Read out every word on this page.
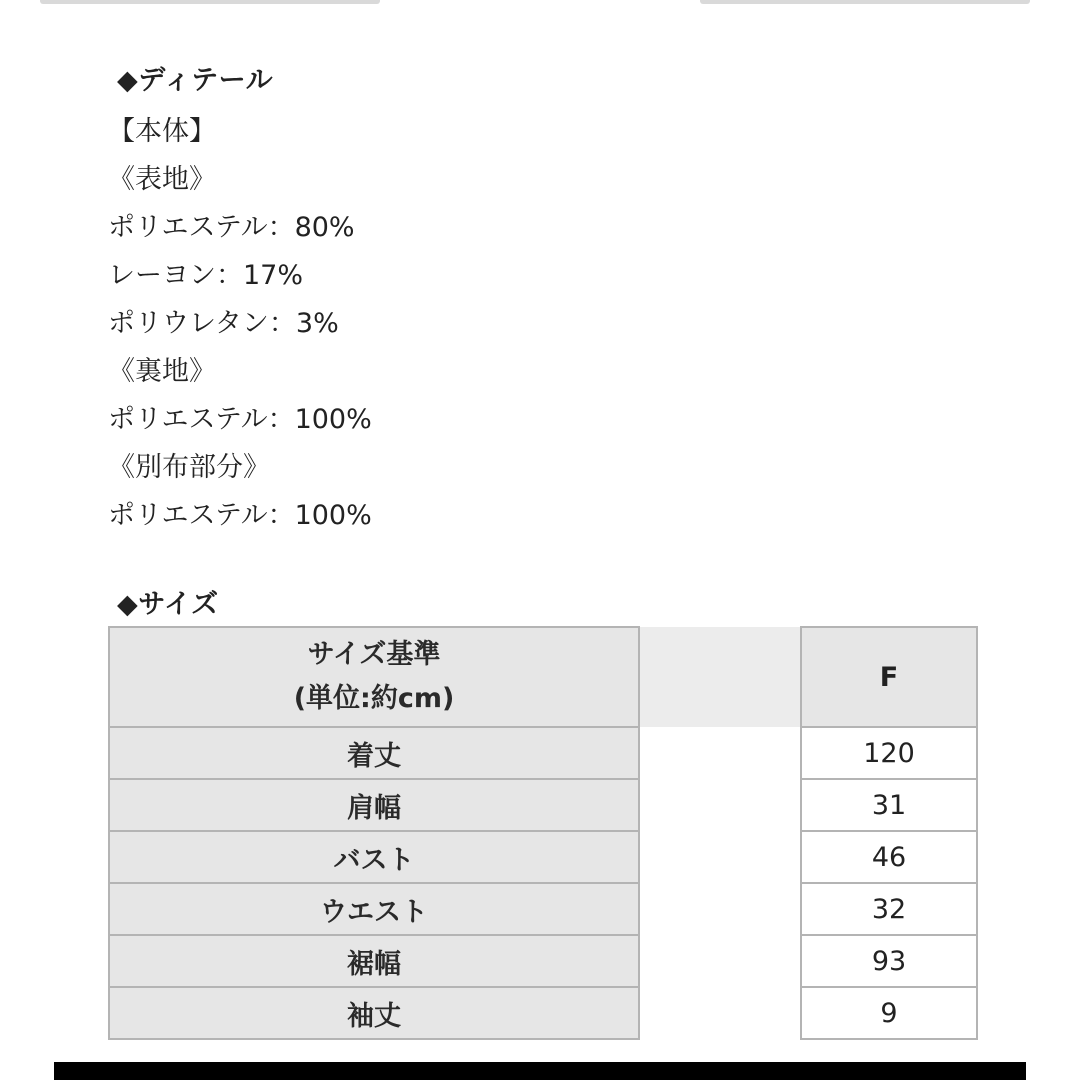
◆ディテール
【本体】
《表地》
ポリエステル：80%
レーヨン：17%
ポリウレタン：3%
《裏地》
ポリエステル：100%
《別布部分》
ポリエステル：100%
◆サイズ
サイズ基準
(単位:約cm)		F
着丈		120
肩幅		31
バスト		46
ウエスト		32
裾幅		93
袖丈		9
